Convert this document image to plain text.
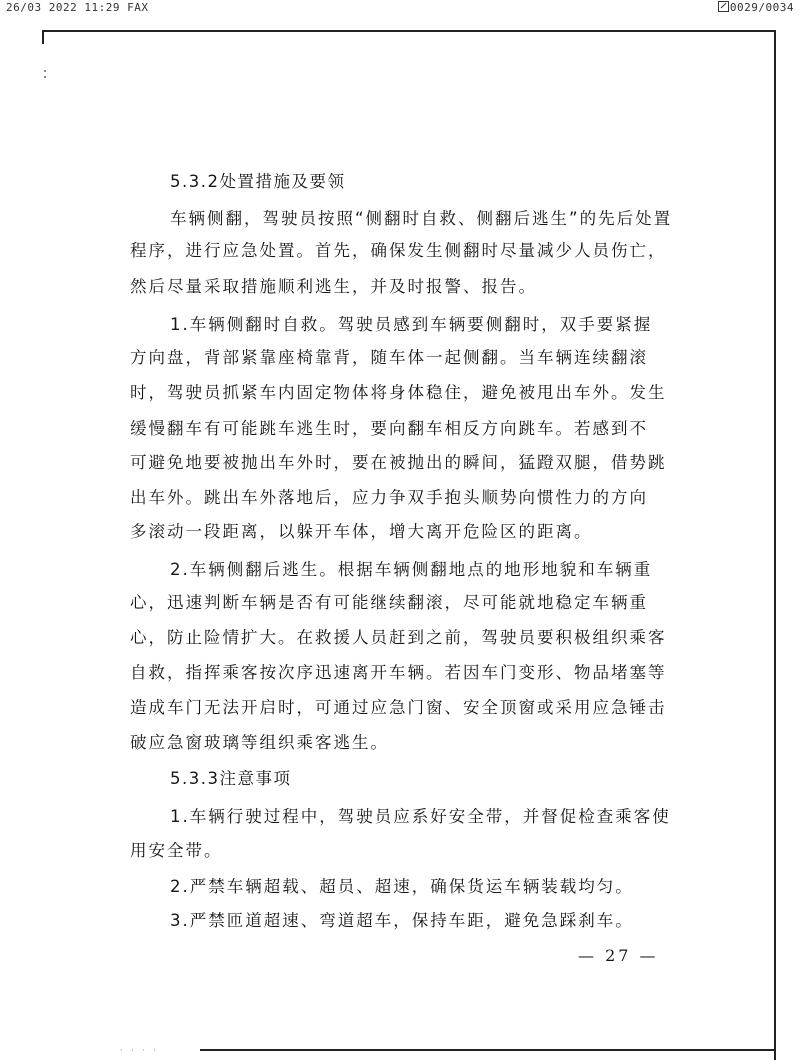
26/03 2022 11:29 FAX	0029/0034
5.3.2处置措施及要领
车辆侧翻，驾驶员按照“侧翻时自救、侧翻后逃生”的先后处置
程序，进行应急处置。首先，确保发生侧翻时尽量减少人员伤亡，
然后尽量采取措施顺利逃生，并及时报警、报告。
1.车辆侧翻时自救。驾驶员感到车辆要侧翻时，双手要紧握
方向盘，背部紧靠座椅靠背，随车体一起侧翻。当车辆连续翻滚
时，驾驶员抓紧车内固定物体将身体稳住，避免被甩出车外。发生
缓慢翻车有可能跳车逃生时，要向翻车相反方向跳车。若感到不
可避免地要被抛出车外时，要在被抛出的瞬间，猛蹬双腿，借势跳
出车外。跳出车外落地后，应力争双手抱头顺势向惯性力的方向
多滚动一段距离，以躲开车体，增大离开危险区的距离。
2.车辆侧翻后逃生。根据车辆侧翻地点的地形地貌和车辆重
心，迅速判断车辆是否有可能继续翻滚，尽可能就地稳定车辆重
心，防止险情扩大。在救援人员赶到之前，驾驶员要积极组织乘客
自救，指挥乘客按次序迅速离开车辆。若因车门变形、物品堵塞等
造成车门无法开启时，可通过应急门窗、安全顶窗或采用应急锤击
破应急窗玻璃等组织乘客逃生。
5.3.3注意事项
1.车辆行驶过程中，驾驶员应系好安全带，并督促检查乘客使
用安全带。
2.严禁车辆超载、超员、超速，确保货运车辆装载均匀。
3.严禁匝道超速、弯道超车，保持车距，避免急踩刹车。
— 27 —
· · · ·
